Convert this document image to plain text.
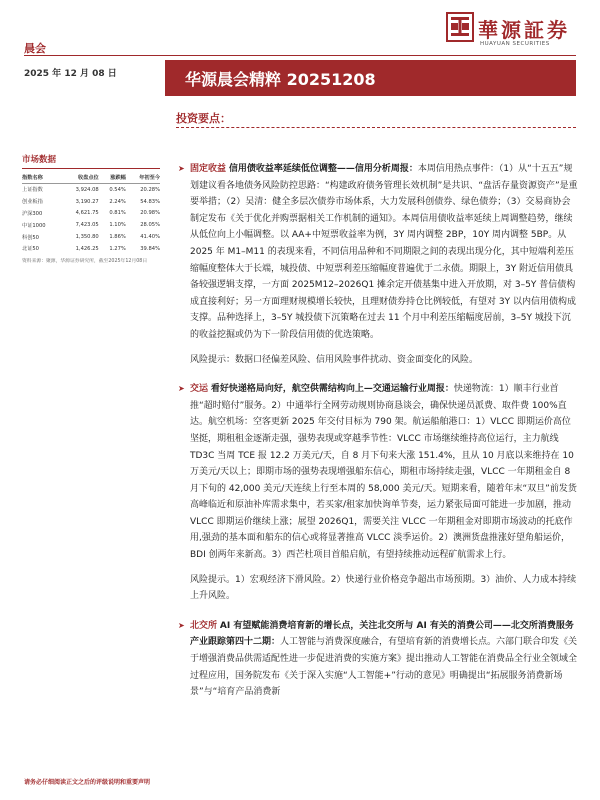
晨会
華源証券
HUAYUAN SECURITIES
2025 年 12 月 08 日	华源晨会精粹 20251208
投资要点：
市场数据
指数名称	收盘点位	涨跌幅	年初至今
上证指数	3,924.08	0.54%	20.28%
创业板指	3,190.27	2.24%	54.83%
沪深300	4,621.75	0.81%	20.98%
中证1000	7,423.05	1.10%	28.05%
科创50	1,350.80	1.86%	41.40%
北证50	1,426.25	1.27%	39.84%
资料来源：聚源，华源证券研究所，截至2025年12月08日
➤ 固定收益 信用债收益率延续低位调整——信用分析周报：本周信用热点事件：（1）从“十五五”规划建议看各地债务风险防控思路：“构建政府债务管理长效机制”是共识、“盘活存量资源资产”是重要举措；（2）吴清：健全多层次债券市场体系，大力发展科创债券、绿色债券；（3）交易商协会制定发布《关于优化并购票据相关工作机制的通知》。本周信用债收益率延续上周调整趋势，继续从低位向上小幅调整。以 AA+中短票收益率为例，3Y 周内调整 2BP，10Y 周内调整 5BP。从 2025 年 M1–M11 的表现来看，不同信用品种和不同期限之间的表现出现分化，其中短端利差压缩幅度整体大于长端，城投债、中短票利差压缩幅度普遍优于二永债。期限上，3Y 附近信用债具备较强逻辑支撑，一方面 2025M12–2026Q1 摊余定开债基集中进入开放期，对 3–5Y 普信债构成直接利好；另一方面理财规模增长较快，且理财债券持仓比例较低，有望对 3Y 以内信用债构成支撑。品种选择上，3–5Y 城投债下沉策略在过去 11 个月中利差压缩幅度居前，3–5Y 城投下沉的收益挖掘或仍为下一阶段信用债的优选策略。
风险提示：数据口径偏差风险、信用风险事件扰动、资金面变化的风险。
➤ 交运 看好快递格局向好，航空供需结构向上—交通运输行业周报：快递物流：1）顺丰行业首推“超时赔付”服务。2）中通举行全网劳动规则协商恳谈会，确保快递员派费、取件费 100%直达。航空机场：空客更新 2025 年交付目标为 790 架。航运船舶港口：1）VLCC 即期运价高位坚挺，期租租金逐渐走强，强势表现或穿越季节性：VLCC 市场继续维持高位运行，主力航线 TD3C 当周 TCE 报 12.2 万美元/天，自 8 月下旬来大涨 151.4%，且从 10 月底以来维持在 10 万美元/天以上；即期市场的强势表现增强船东信心，期租市场持续走强，VLCC 一年期租金自 8 月下旬的 42,000 美元/天连续上行至本周的 58,000 美元/天。短期来看，随着年末“双旦”前发货高峰临近和原油补库需求集中，若买家/租家加快询单节奏，运力紧张局面可能进一步加剧，推动 VLCC 即期运价继续上涨；展望 2026Q1，需要关注 VLCC 一年期租金对即期市场波动的托底作用,强劲的基本面和船东的信心或将显著推高 VLCC 淡季运价。2）澳洲货盘推涨好望角船运价，BDI 创两年来新高。3）西芒杜项目首船启航，有望持续推动远程矿航需求上行。
风险提示。1）宏观经济下滑风险。2）快递行业价格竞争超出市场预期。3）油价、人力成本持续上升风险。
➤ 北交所 AI 有望赋能消费培育新的增长点，关注北交所与 AI 有关的消费公司——北交所消费服务产业跟踪第四十二期：人工智能与消费深度融合，有望培育新的消费增长点。六部门联合印发《关于增强消费品供需适配性进一步促进消费的实施方案》提出推动人工智能在消费品全行业全领域全过程应用，国务院发布《关于深入实施“人工智能+”行动的意见》明确提出“拓展服务消费新场景”与“培育产品消费新
请务必仔细阅读正文之后的评级说明和重要声明
